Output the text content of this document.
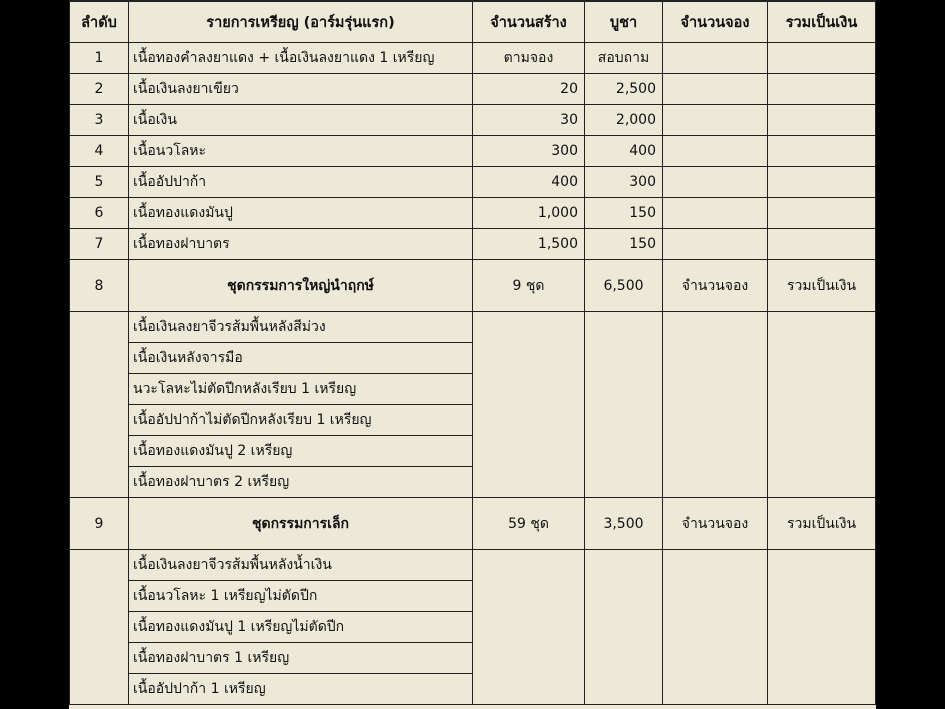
ลำดับ	รายการเหรียญ (อาร์มรุ่นแรก)	จำนวนสร้าง	บูชา	จำนวนจอง	รวมเป็นเงิน
1	เนื้อทองคำลงยาแดง + เนื้อเงินลงยาแดง 1 เหรียญ	ตามจอง	สอบถาม		
2	เนื้อเงินลงยาเขียว	20	2,500		
3	เนื้อเงิน	30	2,000		
4	เนื้อนวโลหะ	300	400		
5	เนื้ออัปปาก้า	400	300		
6	เนื้อทองแดงมันปู	1,000	150		
7	เนื้อทองฝาบาตร	1,500	150		
8	ชุดกรรมการใหญ่นำฤกษ์	9 ชุด	6,500	จำนวนจอง	รวมเป็นเงิน
	เนื้อเงินลงยาจีวรส้มพื้นหลังสีม่วง				
	เนื้อเงินหลังจารมือ				
	นวะโลหะไม่ตัดปีกหลังเรียบ 1 เหรียญ				
	เนื้ออัปปาก้าไม่ตัดปีกหลังเรียบ 1 เหรียญ				
	เนื้อทองแดงมันปู 2 เหรียญ				
	เนื้อทองฝาบาตร 2 เหรียญ				
9	ชุดกรรมการเล็ก	59 ชุด	3,500	จำนวนจอง	รวมเป็นเงิน
	เนื้อเงินลงยาจีวรส้มพื้นหลังน้ำเงิน				
	เนื้อนวโลหะ 1 เหรียญไม่ตัดปีก				
	เนื้อทองแดงมันปู 1 เหรียญไม่ตัดปีก				
	เนื้อทองฝาบาตร 1 เหรียญ				
	เนื้ออัปปาก้า 1 เหรียญ				
